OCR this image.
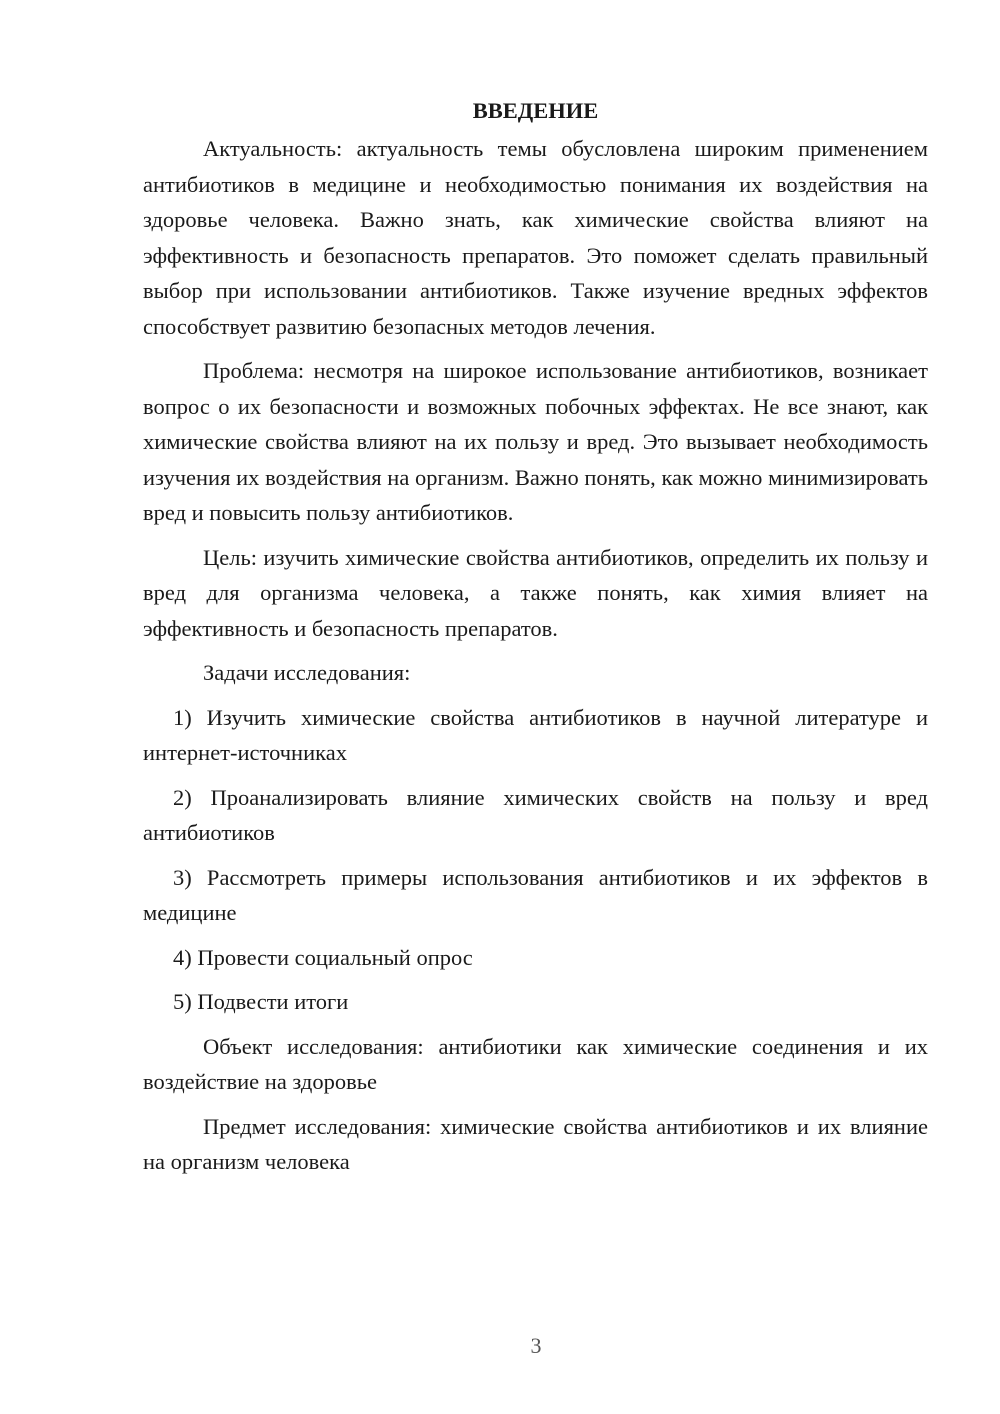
ВВЕДЕНИЕ

Актуальность: актуальность темы обусловлена широким применением антибиотиков в медицине и необходимостью понимания их воздействия на здоровье человека. Важно знать, как химические свойства влияют на эффективность и безопасность препаратов. Это поможет сделать правильный выбор при использовании антибиотиков. Также изучение вредных эффектов способствует развитию безопасных методов лечения.

Проблема: несмотря на широкое использование антибиотиков, возникает вопрос о их безопасности и возможных побочных эффектах. Не все знают, как химические свойства влияют на их пользу и вред. Это вызывает необходимость изучения их воздействия на организм. Важно понять, как можно минимизировать вред и повысить пользу антибиотиков.

Цель: изучить химические свойства антибиотиков, определить их пользу и вред для организма человека, а также понять, как химия влияет на эффективность и безопасность препаратов.

Задачи исследования:

1) Изучить химические свойства антибиотиков в научной литературе и интернет-источниках

2) Проанализировать влияние химических свойств на пользу и вред антибиотиков

3) Рассмотреть примеры использования антибиотиков и их эффектов в медицине

4) Провести социальный опрос

5) Подвести итоги

Объект исследования: антибиотики как химические соединения и их воздействие на здоровье

Предмет исследования: химические свойства антибиотиков и их влияние на организм человека

3
